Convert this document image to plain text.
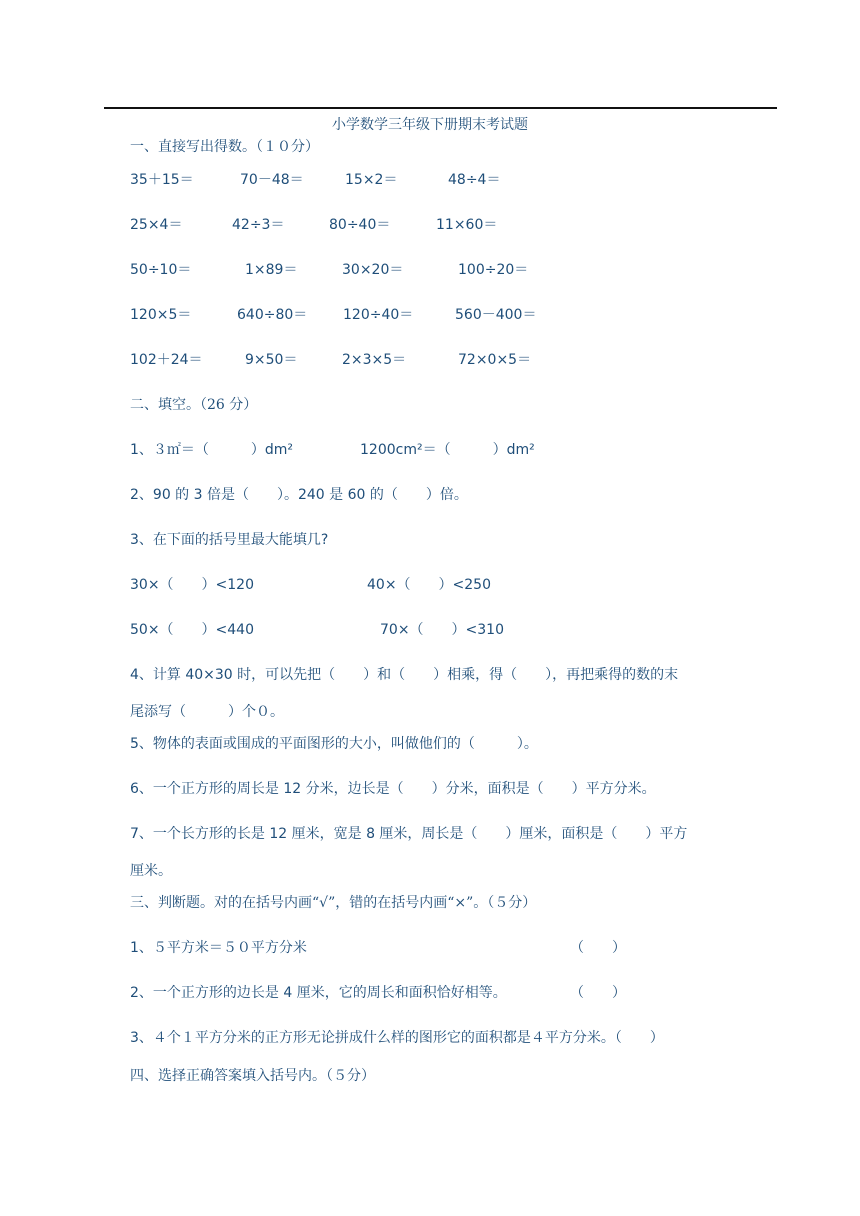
小学数学三年级下册期末考试题
一、直接写出得数。（１０分）
35＋15＝	70－48＝	15×2＝	48÷4＝
25×4＝	42÷3＝	80÷40＝	11×60＝
50÷10＝	1×89＝	30×20＝	100÷20＝
120×5＝	640÷80＝	120÷40＝	560－400＝
102＋24＝	9×50＝	2×3×5＝	72×0×5＝
二、填空。（26 分）
1、３㎡＝（　　　）dm²	1200cm²＝（　　　）dm²
2、90 的 3 倍是（　　）。240 是 60 的（　　）倍。
3、在下面的括号里最大能填几?
30×（　　）<120	40×（　　）<250
50×（　　）<440	70×（　　）<310
4、计算 40×30 时，可以先把（　　）和（　　）相乘，得（　　），再把乘得的数的末
尾添写（　　　）个０。
5、物体的表面或围成的平面图形的大小，叫做他们的（　　　）。
6、一个正方形的周长是 12 分米，边长是（　　）分米，面积是（　　）平方分米。
7、一个长方形的长是 12 厘米，宽是 8 厘米，周长是（　　）厘米，面积是（　　）平方
厘米。
三、判断题。对的在括号内画“√”，错的在括号内画“×”。（５分）
1、５平方米＝５０平方分米	（　　）
2、一个正方形的边长是 4 厘米，它的周长和面积恰好相等。	（　　）
3、４个１平方分米的正方形无论拼成什么样的图形它的面积都是４平方分米。（　　）
四、选择正确答案填入括号内。（５分）
